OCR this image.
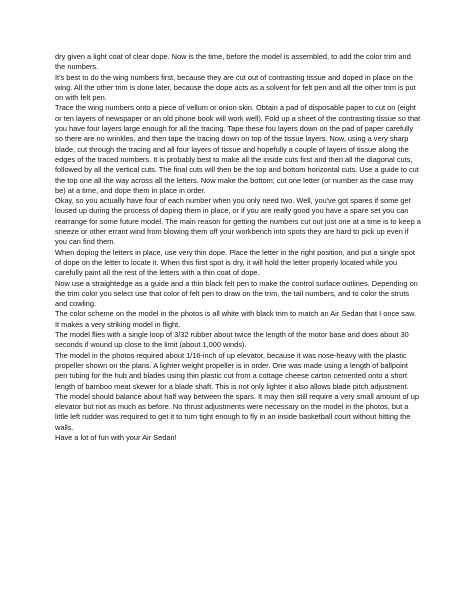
dry given a light coat of clear dope. Now is the time, before the model is assembled, to add the color trim and the numbers.

It's best to do the wing numbers first, because they are cut out of contrasting tissue and doped in place on the wing. All the other trim is done later, because the dope acts as a solvent for felt pen and all the other trim is put on with felt pen.

Trace the wing numbers onto a piece of vellum or onion skin. Obtain a pad of disposable paper to cut on (eight or ten layers of newspaper or an old phone book will work well). Fold up a sheet of the contrasting tissue so that you have four layers large enough for all the tracing. Tape these fou layers down on the pad of paper carefully so there are no wrinkles, and then tape the tracing down on top of the tissue layers. Now, using a very sharp blade, cut through the tracing and all four layers of tissue and hopefully a couple of layers of tissue along the edges of the traced numbers. It is probably best to make all the inside cuts first and then all the diagonal cuts, followed by all the vertical cuts. The final cuts will then be the top and bottom horizontal cuts. Use a guide to cut the top one all the way across all the letters. Now make the bottom; cut one letter (or number as the case may be) at a time, and dope them in place in order.

Okay, so you actually have four of each number when you only need two. Well, you've got spares if some get loused up during the process of doping them in place, or if you are really good you have a spare set you can rearrange for some future model. The main reason for getting the numbers cut out just one at a time is to keep a sneeze or other errant wind from blowing them off your workbench into spots they are hard to pick up even if you can find them.

When doping the letters in place, use very thin dope. Place the letter in the right position, and put a single spot of dope on the letter to locate it. When this first spot is dry, it will hold the letter properly located while you carefully paint all the rest of the letters with a thin coat of dope.

Now use a straightedge as a guide and a thin black felt pen to make the control surface outlines. Depending on the trim color you select use that color of felt pen to draw on the trim, the tail numbers, and to color the struts and cowling.

The color scheme on the model in the photos is all white with black trim to match an Air Sedan that I once saw. It makes a very striking model in flight.

The model flies with a single loop of 3/32 rubber about twice the length of the motor base and does about 30 seconds if wound up close to the limit (about 1,000 winds).

The model in the photos required about 1/16-inch of up elevator, because it was nose-heavy with the plastic propeller shown on the plans. A lighter weight propeller is in order. One was made using a length of ballpoint pen tubing for the hub and blades using thin plastic cut from a cottage cheese carton cemented onto a short length of bamboo meat skewer for a blade shaft. This is not only lighter it also allows blade pitch adjustment.

The model should balance about half way between the spars. It may then still require a very small amount of up elevator but riot as much as before. No thrust adjustments were necessary on the model in the photos, but a little left rudder was required to get it to turn tight enough to fly in an inside basketball court without hitting the walls.

Have a lot of fun with your Air Sedan!
